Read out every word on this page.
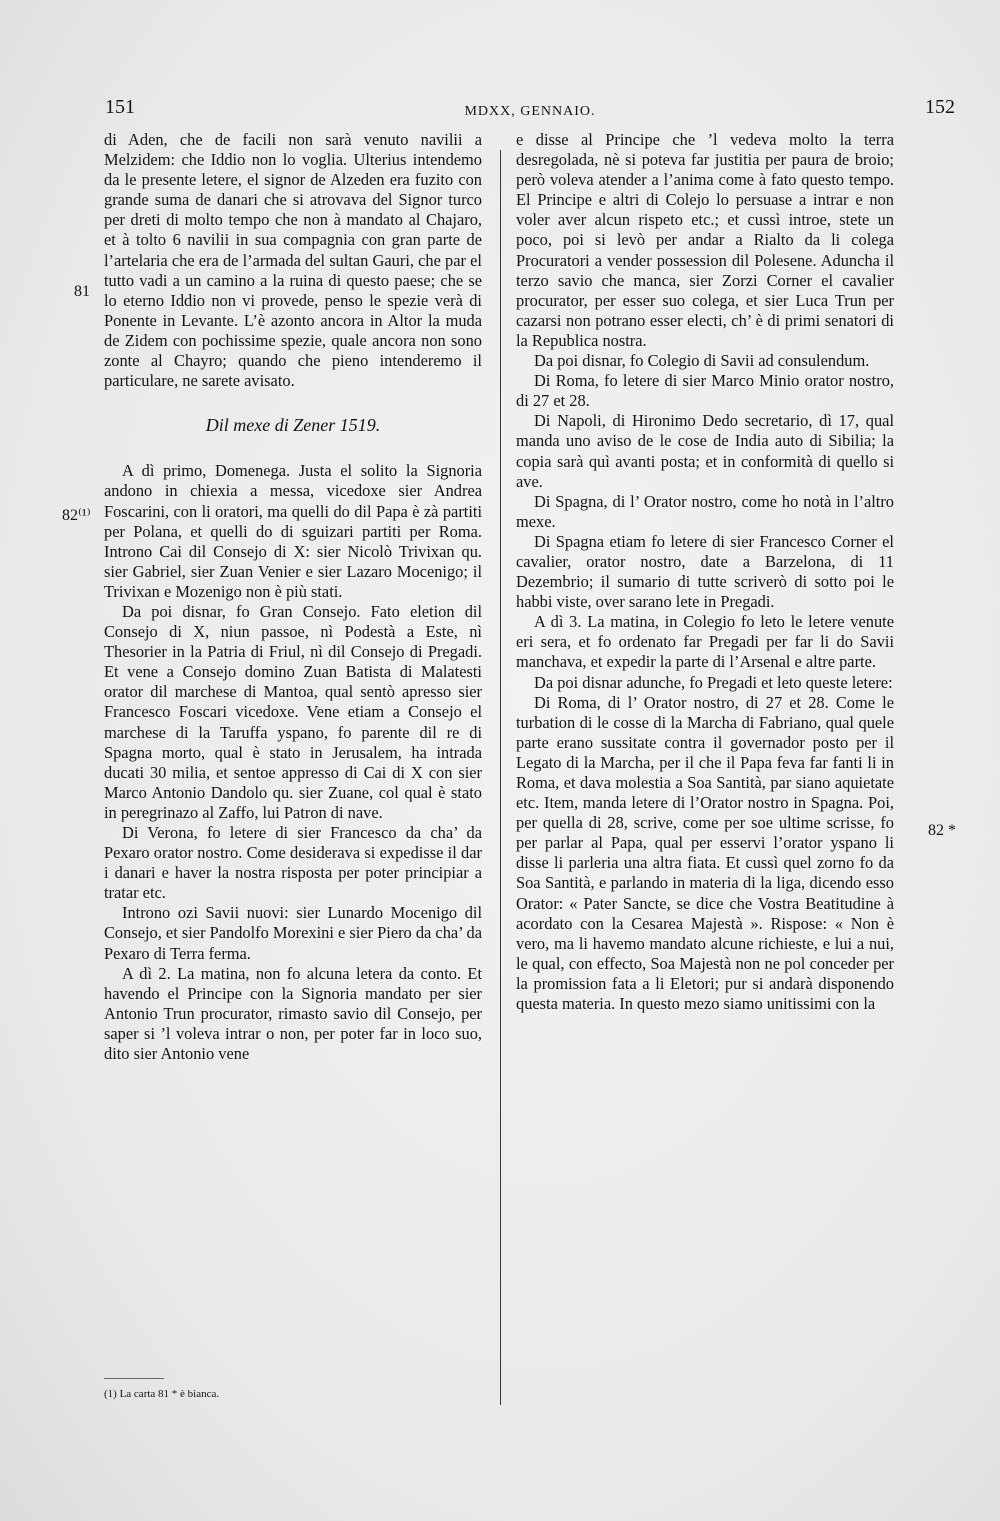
151	MDXX, GENNAIO.	152
81
82⁽¹⁾
82 *

di Aden, che de facili non sarà venuto navilii a Melzidem: che Iddio non lo voglia. Ulterius intendemo da le presente letere, el signor de Alzeden era fuzito con grande suma de danari che si atrovava del Signor turco per dreti di molto tempo che non à mandato al Chajaro, et à tolto 6 navilii in sua compagnia con gran parte de l’artelaria che era de l’armada del sultan Gauri, che par el tutto vadi a un camino a la ruina di questo paese; che se lo eterno Iddio non vi provede, penso le spezie verà di Ponente in Levante. L’è azonto ancora in Altor la muda de Zidem con pochissime spezie, quale ancora non sono zonte al Chayro; quando che pieno intenderemo il particulare, ne sarete avisato.

Dil mexe di Zener 1519.

A dì primo, Domenega. Justa el solito la Signoria andono in chiexia a messa, vicedoxe sier Andrea Foscarini, con li oratori, ma quelli do dil Papa è zà partiti per Polana, et quelli do di sguizari partiti per Roma. Introno Cai dil Consejo di X: sier Nicolò Trivixan qu. sier Gabriel, sier Zuan Venier e sier Lazaro Mocenigo; il Trivixan e Mozenigo non è più stati.

Da poi disnar, fo Gran Consejo. Fato eletion dil Consejo di X, niun passoe, nì Podestà a Este, nì Thesorier in la Patria di Friul, nì dil Consejo di Pregadi. Et vene a Consejo domino Zuan Batista di Malatesti orator dil marchese di Mantoa, qual sentò apresso sier Francesco Foscari vicedoxe. Vene etiam a Consejo el marchese di la Taruffa yspano, fo parente dil re di Spagna morto, qual è stato in Jerusalem, ha intrada ducati 30 milia, et sentoe appresso di Cai di X con sier Marco Antonio Dandolo qu. sier Zuane, col qual è stato in peregrinazo al Zaffo, lui Patron di nave.

Di Verona, fo letere di sier Francesco da cha’ da Pexaro orator nostro. Come desiderava si expedisse il dar i danari e haver la nostra risposta per poter principiar a tratar etc.

Introno ozi Savii nuovi: sier Lunardo Mocenigo dil Consejo, et sier Pandolfo Morexini e sier Piero da cha’ da Pexaro di Terra ferma.

A dì 2. La matina, non fo alcuna letera da conto. Et havendo el Principe con la Signoria mandato per sier Antonio Trun procurator, rimasto savio dil Consejo, per saper si ’l voleva intrar o non, per poter far in loco suo, dito sier Antonio vene

(1) La carta 81 * è bianca.

e disse al Principe che ’l vedeva molto la terra desregolada, nè si poteva far justitia per paura de broio; però voleva atender a l’anima come à fato questo tempo. El Principe e altri di Colejo lo persuase a intrar e non voler aver alcun rispeto etc.; et cussì introe, stete un poco, poi si levò per andar a Rialto da li colega Procuratori a vender possession dil Polesene. Aduncha il terzo savio che manca, sier Zorzi Corner el cavalier procurator, per esser suo colega, et sier Luca Trun per cazarsi non potrano esser electi, ch’ è di primi senatori di la Republica nostra.

Da poi disnar, fo Colegio di Savii ad consulendum.

Di Roma, fo letere di sier Marco Minio orator nostro, di 27 et 28.

Di Napoli, di Hironimo Dedo secretario, dì 17, qual manda uno aviso de le cose de India auto di Sibilia; la copia sarà quì avanti posta; et in conformità di quello si ave.

Di Spagna, di l’ Orator nostro, come ho notà in l’altro mexe.

Di Spagna etiam fo letere di sier Francesco Corner el cavalier, orator nostro, date a Barzelona, di 11 Dezembrio; il sumario di tutte scriverò di sotto poi le habbi viste, over sarano lete in Pregadi.

A dì 3. La matina, in Colegio fo leto le letere venute eri sera, et fo ordenato far Pregadi per far li do Savii manchava, et expedir la parte di l’Arsenal e altre parte.

Da poi disnar adunche, fo Pregadi et leto queste letere:

Di Roma, di l’ Orator nostro, di 27 et 28. Come le turbation di le cosse di la Marcha di Fabriano, qual quele parte erano sussitate contra il governador posto per il Legato di la Marcha, per il che il Papa feva far fanti li in Roma, et dava molestia a Soa Santità, par siano aquietate etc. Item, manda letere di l’Orator nostro in Spagna. Poi, per quella di 28, scrive, come per soe ultime scrisse, fo per parlar al Papa, qual per esservi l’orator yspano li disse li parleria una altra fiata. Et cussì quel zorno fo da Soa Santità, e parlando in materia di la liga, dicendo esso Orator: « Pater Sancte, se dice che Vostra Beatitudine à acordato con la Cesarea Majestà ». Rispose: « Non è vero, ma li havemo mandato alcune richieste, e lui a nui, le qual, con effecto, Soa Majestà non ne pol conceder per la promission fata a li Eletori; pur si andarà disponendo questa materia. In questo mezo siamo unitissimi con la
